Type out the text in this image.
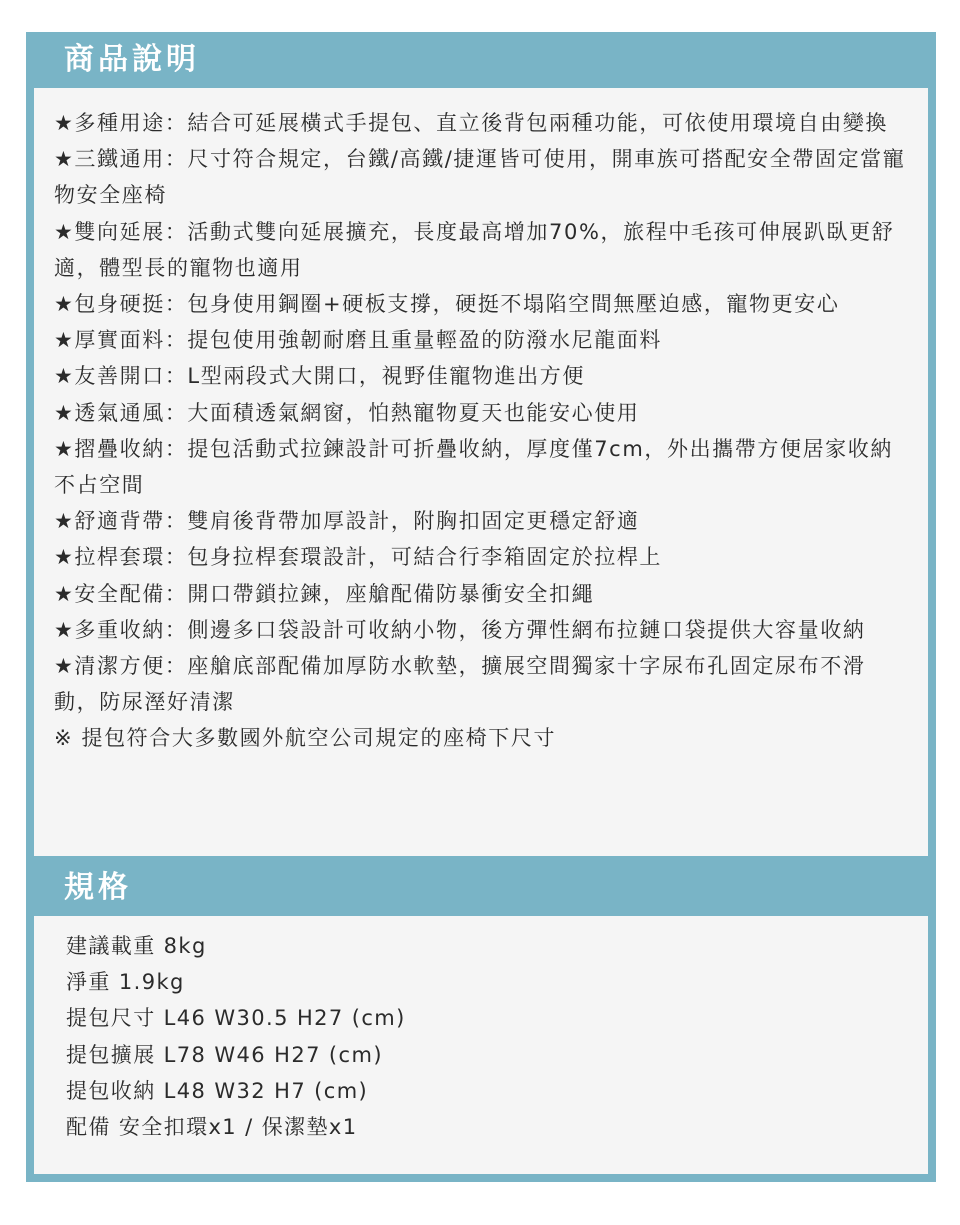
商品說明
★多種用途：結合可延展橫式手提包、直立後背包兩種功能，可依使用環境自由變換
★三鐵通用：尺寸符合規定，台鐵/高鐵/捷運皆可使用，開車族可搭配安全帶固定當寵物安全座椅
★雙向延展：活動式雙向延展擴充，長度最高增加70%，旅程中毛孩可伸展趴臥更舒適，體型長的寵物也適用
★包身硬挺：包身使用鋼圈+硬板支撐，硬挺不塌陷空間無壓迫感，寵物更安心
★厚實面料：提包使用強韌耐磨且重量輕盈的防潑水尼龍面料
★友善開口：L型兩段式大開口，視野佳寵物進出方便
★透氣通風：大面積透氣網窗，怕熱寵物夏天也能安心使用
★摺疊收納：提包活動式拉鍊設計可折疊收納，厚度僅7cm，外出攜帶方便居家收納不占空間
★舒適背帶：雙肩後背帶加厚設計，附胸扣固定更穩定舒適
★拉桿套環：包身拉桿套環設計，可結合行李箱固定於拉桿上
★安全配備：開口帶鎖拉鍊，座艙配備防暴衝安全扣繩
★多重收納：側邊多口袋設計可收納小物，後方彈性網布拉鏈口袋提供大容量收納
★清潔方便：座艙底部配備加厚防水軟墊，擴展空間獨家十字尿布孔固定尿布不滑動，防尿溼好清潔
※ 提包符合大多數國外航空公司規定的座椅下尺寸
規格
建議載重 8kg
淨重 1.9kg
提包尺寸 L46 W30.5 H27 (cm)
提包擴展 L78 W46 H27 (cm)
提包收納 L48 W32 H7 (cm)
配備 安全扣環x1 / 保潔墊x1
